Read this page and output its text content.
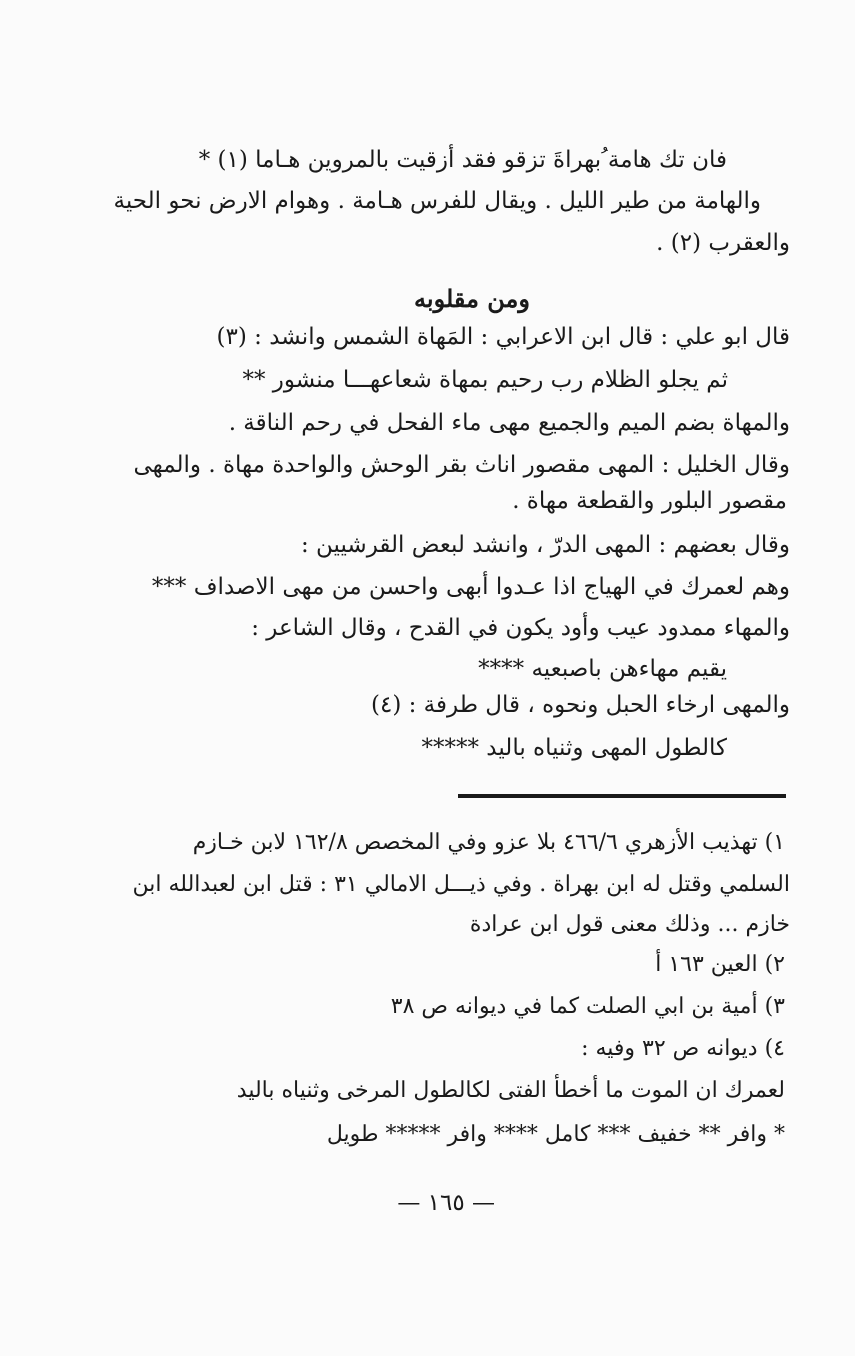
فان تك هامة ُبهراةَ تزقو فقد أزقيت بالمروين هـاما (١) *
والهامة من طير الليل . ويقال للفرس هـامة . وهوام الارض نحو الحية
والعقرب (٢) .
ومن مقلوبه
قال ابو علي : قال ابن الاعرابي : المَهاة الشمس وانشد : (٣)
ثم يجلو الظلام رب رحيم بمهاة شعاعهـــا منشور **
والمهاة بضم الميم والجميع مهى ماء الفحل في رحم الناقة .
وقال الخليل : المهى مقصور اناث بقر الوحش والواحدة مهاة . والمهى
مقصور البلور والقطعة مهاة .
وقال بعضهم : المهى الدرّ ، وانشد لبعض القرشيين :
وهم لعمرك في الهياج اذا عـدوا أبهى واحسن من مهى الاصداف ***
والمهاء ممدود عيب وأود يكون في القدح ، وقال الشاعر :
يقيم مهاءهن باصبعيه ****
والمهى ارخاء الحبل ونحوه ، قال طرفة : (٤)
كالطول المهى وثنياه باليد *****
١) تهذيب الأزهري ٤٦٦/٦ بلا عزو وفي المخصص ١٦٢/٨ لابن خـازم
السلمي وقتل له ابن بهراة . وفي ذيـــل الامالي ٣١ : قتل ابن لعبدالله ابن
خازم ... وذلك معنى قول ابن عرادة
٢) العين ١٦٣ أ
٣) أمية بن ابي الصلت كما في ديوانه ص ٣٨
٤) ديوانه ص ٣٢ وفيه :
لعمرك ان الموت ما أخطأ الفتى لكالطول المرخى وثنياه باليد
* وافر ** خفيف *** كامل **** وافر ***** طويل
— ١٦٥ —
